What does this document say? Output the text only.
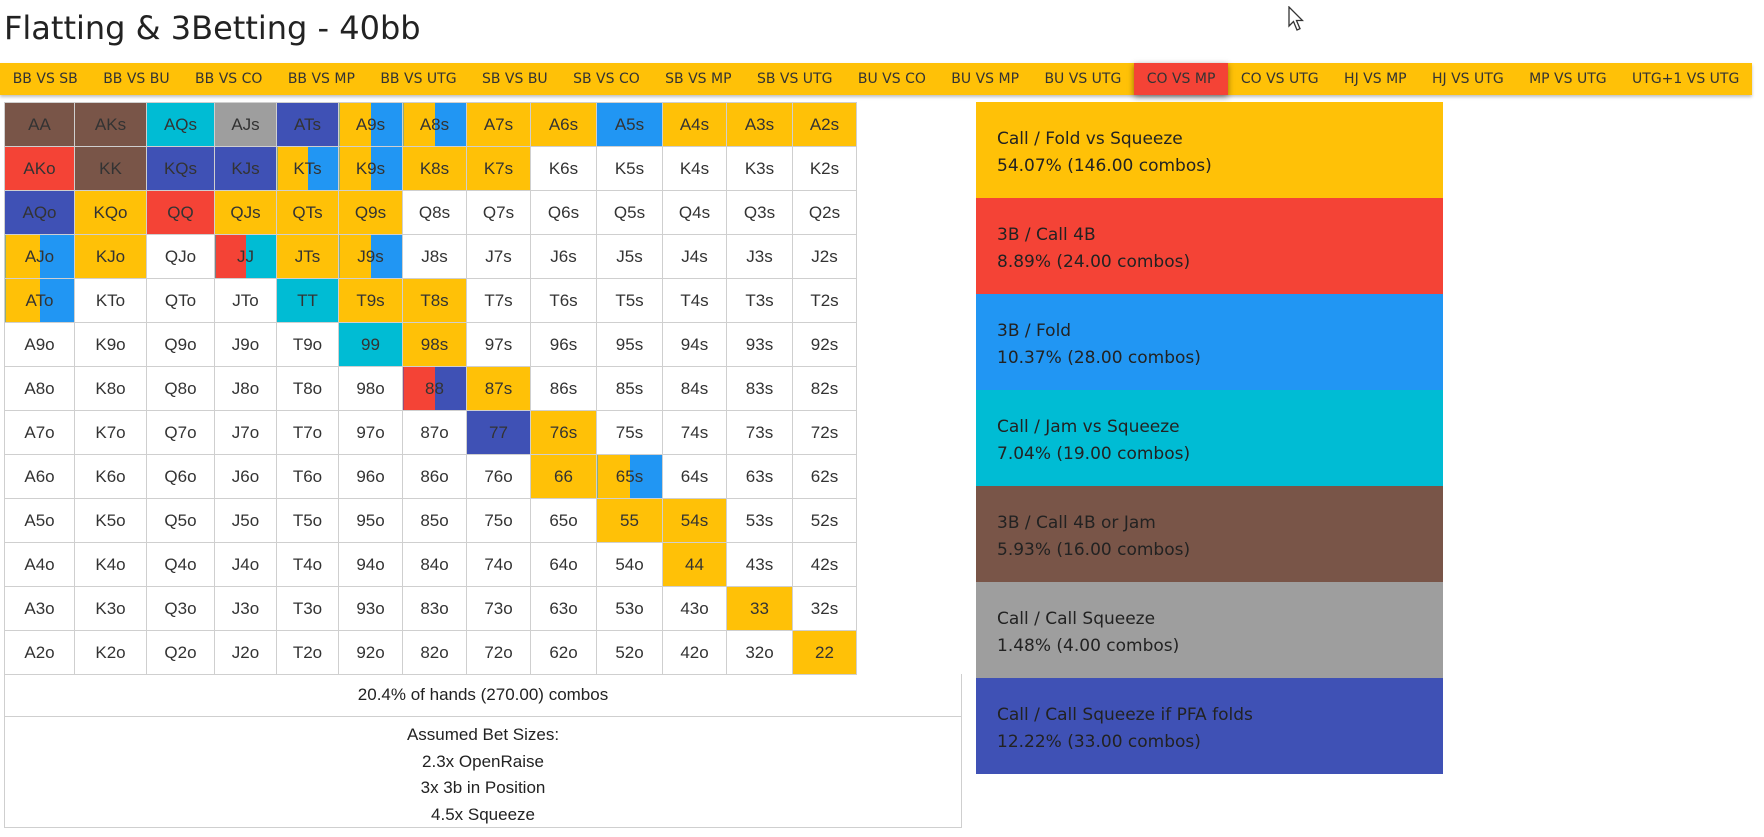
Flatting & 3Betting - 40bb
BB VS SB	BB VS BU	BB VS CO	BB VS MP	BB VS UTG	SB VS BU	SB VS CO	SB VS MP	SB VS UTG	BU VS CO	BU VS MP	BU VS UTG	CO VS MP	CO VS UTG	HJ VS MP	HJ VS UTG	MP VS UTG	UTG+1 VS UTG
AA	AKs	AQs	AJs	ATs	A9s	A8s	A7s	A6s	A5s	A4s	A3s	A2s
AKo	KK	KQs	KJs	KTs	K9s	K8s	K7s	K6s	K5s	K4s	K3s	K2s
AQo	KQo	QQ	QJs	QTs	Q9s	Q8s	Q7s	Q6s	Q5s	Q4s	Q3s	Q2s
AJo	KJo	QJo	JJ	JTs	J9s	J8s	J7s	J6s	J5s	J4s	J3s	J2s
ATo	KTo	QTo	JTo	TT	T9s	T8s	T7s	T6s	T5s	T4s	T3s	T2s
A9o	K9o	Q9o	J9o	T9o	99	98s	97s	96s	95s	94s	93s	92s
A8o	K8o	Q8o	J8o	T8o	98o	88	87s	86s	85s	84s	83s	82s
A7o	K7o	Q7o	J7o	T7o	97o	87o	77	76s	75s	74s	73s	72s
A6o	K6o	Q6o	J6o	T6o	96o	86o	76o	66	65s	64s	63s	62s
A5o	K5o	Q5o	J5o	T5o	95o	85o	75o	65o	55	54s	53s	52s
A4o	K4o	Q4o	J4o	T4o	94o	84o	74o	64o	54o	44	43s	42s
A3o	K3o	Q3o	J3o	T3o	93o	83o	73o	63o	53o	43o	33	32s
A2o	K2o	Q2o	J2o	T2o	92o	82o	72o	62o	52o	42o	32o	22
20.4% of hands (270.00) combos
Assumed Bet Sizes:
2.3x OpenRaise
3x 3b in Position
4.5x Squeeze
Call / Fold vs Squeeze
54.07% (146.00 combos)
3B / Call 4B
8.89% (24.00 combos)
3B / Fold
10.37% (28.00 combos)
Call / Jam vs Squeeze
7.04% (19.00 combos)
3B / Call 4B or Jam
5.93% (16.00 combos)
Call / Call Squeeze
1.48% (4.00 combos)
Call / Call Squeeze if PFA folds
12.22% (33.00 combos)
